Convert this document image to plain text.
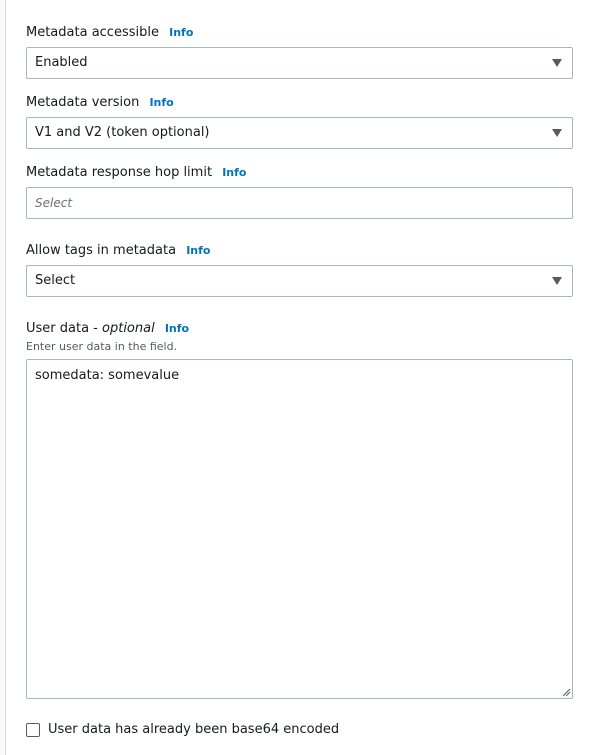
Metadata accessible Info
Enabled
Metadata version Info
V1 and V2 (token optional)
Metadata response hop limit Info
Select
Allow tags in metadata Info
Select
User data - optional Info
Enter user data in the field.
somedata: somevalue
User data has already been base64 encoded
